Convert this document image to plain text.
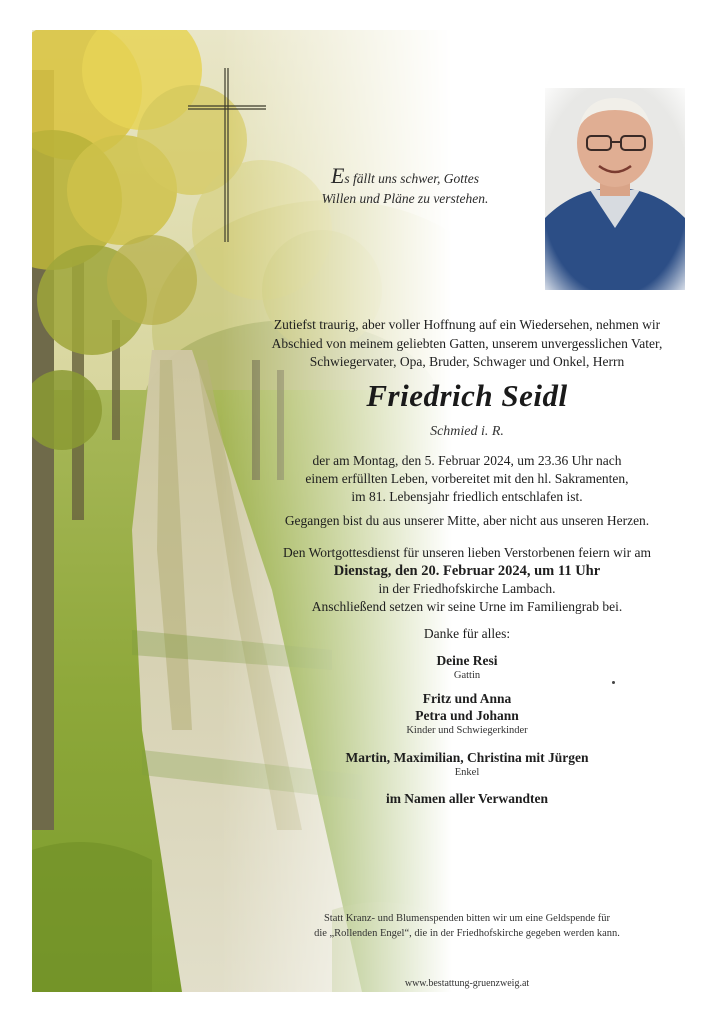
Es fällt uns schwer, Gottes
Willen und Pläne zu verstehen.
Zutiefst traurig, aber voller Hoffnung auf ein Wiedersehen, nehmen wir
Abschied von meinem geliebten Gatten, unserem unvergesslichen Vater,
Schwiegervater, Opa, Bruder, Schwager und Onkel, Herrn
Friedrich Seidl
Schmied i. R.
der am Montag, den 5. Februar 2024, um 23.36 Uhr nach
einem erfüllten Leben, vorbereitet mit den hl. Sakramenten,
im 81. Lebensjahr friedlich entschlafen ist.
Gegangen bist du aus unserer Mitte, aber nicht aus unseren Herzen.
Den Wortgottesdienst für unseren lieben Verstorbenen feiern wir am
Dienstag, den 20. Februar 2024, um 11 Uhr
in der Friedhofskirche Lambach.
Anschließend setzen wir seine Urne im Familiengrab bei.
Danke für alles:
Deine Resi
Gattin
Fritz und Anna
Petra und Johann
Kinder und Schwiegerkinder
Martin, Maximilian, Christina mit Jürgen
Enkel
im Namen aller Verwandten
Statt Kranz- und Blumenspenden bitten wir um eine Geldspende für
die „Rollenden Engel“, die in der Friedhofskirche gegeben werden kann.
www.bestattung-gruenzweig.at
